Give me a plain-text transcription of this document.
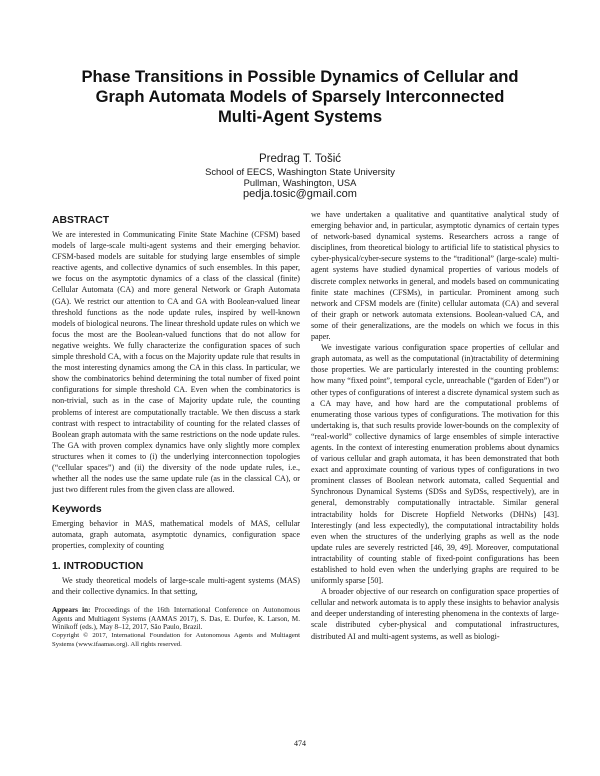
Phase Transitions in Possible Dynamics of Cellular and
Graph Automata Models of Sparsely Interconnected
Multi-Agent Systems
Predrag T. Tošić
School of EECS, Washington State University
Pullman, Washington, USA
pedja.tosic@gmail.com
ABSTRACT

We are interested in Communicating Finite State Machine (CFSM) based models of large-scale multi-agent systems and their emerging behavior. CFSM-based models are suitable for studying large ensembles of simple reactive agents, and collective dynamics of such ensembles. In this paper, we focus on the asymptotic dynamics of a class of the classical (finite) Cellular Automata (CA) and more general Network or Graph Automata (GA). We restrict our attention to CA and GA with Boolean-valued linear threshold functions as the node update rules, inspired by well-known models of biological neurons. The linear threshold update rules on which we focus the most are the Boolean-valued functions that do not allow for negative weights. We fully characterize the configuration spaces of such simple threshold CA, with a focus on the Majority update rule that results in the most interesting dynamics among the CA in this class. In particular, we show the combinatorics behind determining the total number of fixed point configurations for simple threshold CA. Even when the combinatorics is non-trivial, such as in the case of Majority update rule, the counting problems of interest are computationally tractable. We then discuss a stark contrast with respect to intractability of counting for the related classes of Boolean graph automata with the same restrictions on the node update rules. The GA with proven complex dynamics have only slightly more complex structures when it comes to (i) the underlying interconnection topologies (“cellular spaces”) and (ii) the diversity of the node update rules, i.e., whether all the nodes use the same update rule (as in the classical CA), or just two different rules from the given class are allowed.

Keywords

Emerging behavior in MAS, mathematical models of MAS, cellular automata, graph automata, asymptotic dynamics, configuration space properties, complexity of counting

1. INTRODUCTION

We study theoretical models of large-scale multi-agent systems (MAS) and their collective dynamics. In that setting,

Appears in: Proceedings of the 16th International Conference on Autonomous Agents and Multiagent Systems (AAMAS 2017), S. Das, E. Durfee, K. Larson, M. Winikoff (eds.), May 8–12, 2017, São Paulo, Brazil.
Copyright © 2017, International Foundation for Autonomous Agents and Multiagent Systems (www.ifaamas.org). All rights reserved.

we have undertaken a qualitative and quantitative analytical study of emerging behavior and, in particular, asymptotic dynamics of certain types of network-based dynamical systems. Researchers across a range of disciplines, from theoretical biology to artificial life to statistical physics to cyber-physical/cyber-secure systems to the “traditional” (large-scale) multi-agent systems have studied dynamical properties of various models of discrete complex networks in general, and models based on communicating finite state machines (CFSMs), in particular. Prominent among such network and CFSM models are (finite) cellular automata (CA) and several of their graph or network automata extensions. Boolean-valued CA, and some of their generalizations, are the models on which we focus in this paper.

We investigate various configuration space properties of cellular and graph automata, as well as the computational (in)tractability of determining those properties. We are particularly interested in the counting problems: how many “fixed point”, temporal cycle, unreachable (“garden of Eden”) or other types of configurations of interest a discrete dynamical system such as a CA may have, and how hard are the computational problems of enumerating those various types of configurations. The motivation for this undertaking is, that such results provide lower-bounds on the complexity of “real-world” collective dynamics of large ensembles of simple interactive agents. In the context of interesting enumeration problems about dynamics of various cellular and graph automata, it has been demonstrated that both exact and approximate counting of various types of configurations in two prominent classes of Boolean network automata, called Sequential and Synchronous Dynamical Systems (SDSs and SyDSs, respectively), are in general, demonstrably computationally intractable. Similar general intractability holds for Discrete Hopfield Networks (DHNs) [43]. Interestingly (and less expectedly), the computational intractability holds even when the structures of the underlying graphs as well as the node update rules are severely restricted [46, 39, 49]. Moreover, computational intractability of counting stable of fixed-point configurations has been established to hold even when the underlying graphs are required to be uniformly sparse [50].

A broader objective of our research on configuration space properties of cellular and network automata is to apply these insights to behavior analysis and deeper understanding of interesting phenomena in the contexts of large-scale distributed cyber-physical and computational infrastructures, distributed AI and multi-agent systems, as well as biologi-

474
